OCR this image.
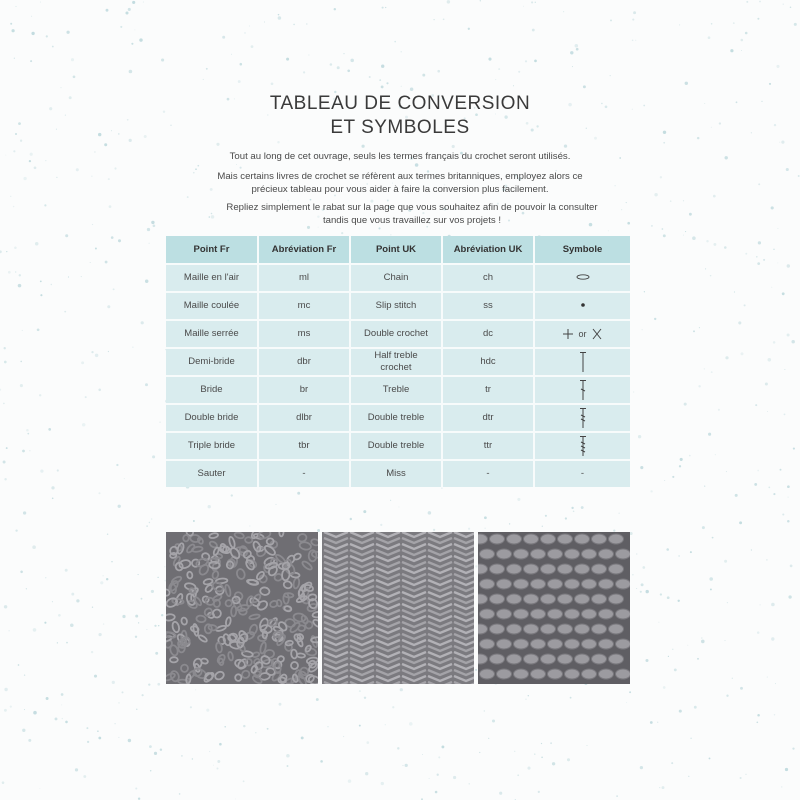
TABLEAU DE CONVERSION
ET SYMBOLES
Tout au long de cet ouvrage, seuls les termes français du crochet seront utilisés.
Mais certains livres de crochet se réfèrent aux termes britanniques, employez alors ce précieux tableau pour vous aider à faire la conversion plus facilement.
Repliez simplement le rabat sur la page que vous souhaitez afin de pouvoir la consulter tandis que vous travaillez sur vos projets !
Point Fr	Abréviation Fr	Point UK	Abréviation UK	Symbole
Maille en l'air	ml	Chain	ch	
Maille coulée	mc	Slip stitch	ss	
Maille serrée	ms	Double crochet	dc	or
Demi-bride	dbr	Half treble crochet	hdc	
Bride	br	Treble	tr	
Double bride	dlbr	Double treble	dtr	
Triple bride	tbr	Double treble	ttr	
Sauter	-	Miss	-	-
